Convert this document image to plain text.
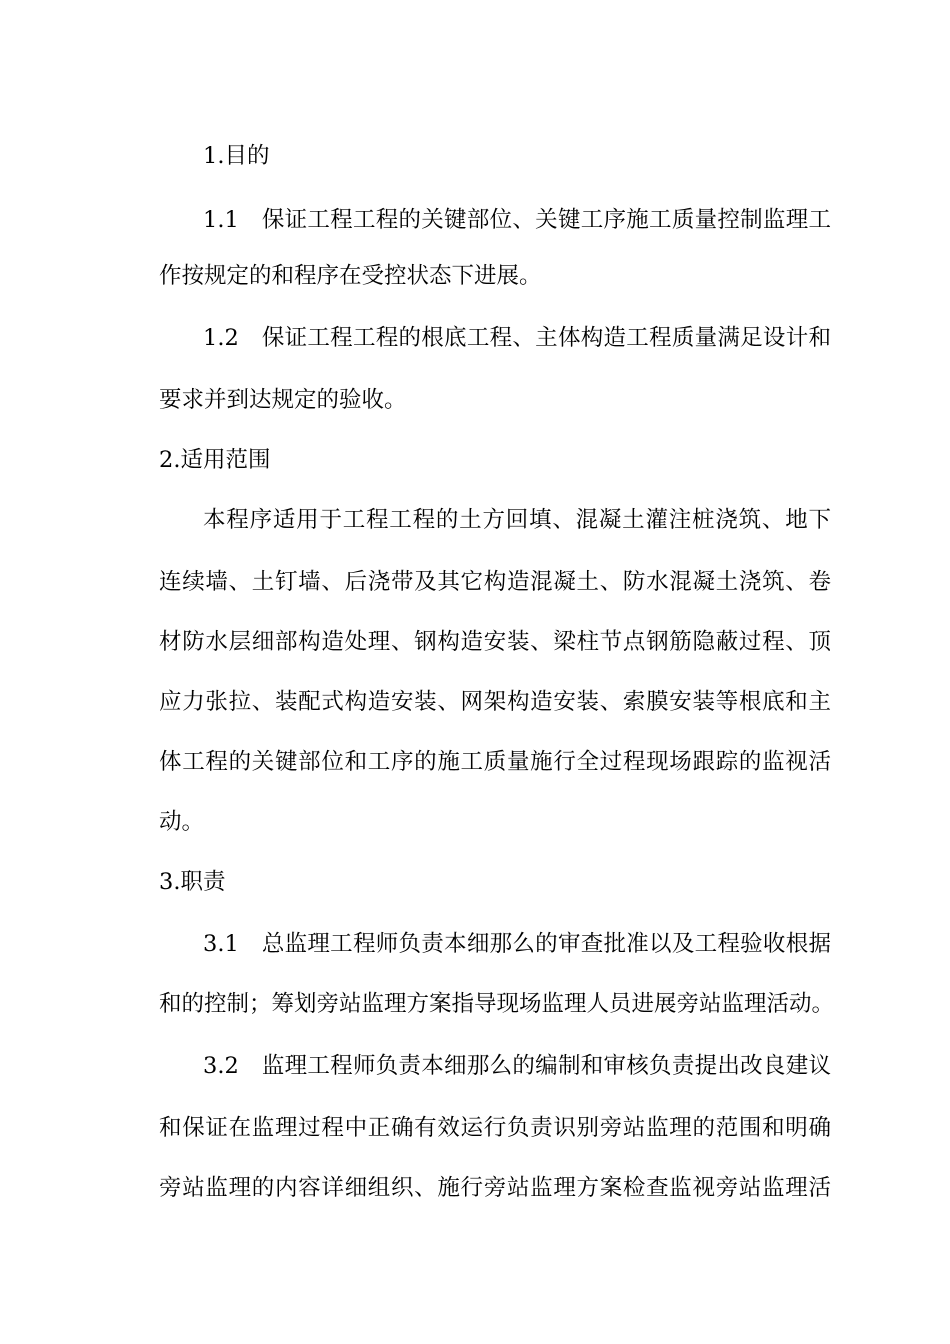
1.目的
1.1　保证工程工程的关键部位、关键工序施工质量控制监理工
作按规定的和程序在受控状态下进展。
1.2　保证工程工程的根底工程、主体构造工程质量满足设计和
要求并到达规定的验收。
2.适用范围
本程序适用于工程工程的土方回填、混凝土灌注桩浇筑、地下
连续墙、土钉墙、后浇带及其它构造混凝土、防水混凝土浇筑、卷
材防水层细部构造处理、钢构造安装、梁柱节点钢筋隐蔽过程、顶
应力张拉、装配式构造安装、网架构造安装、索膜安装等根底和主
体工程的关键部位和工序的施工质量施行全过程现场跟踪的监视活
动。
3.职责
3.1　总监理工程师负责本细那么的审查批准以及工程验收根据
和的控制；筹划旁站监理方案指导现场监理人员进展旁站监理活动。
3.2　监理工程师负责本细那么的编制和审核负责提出改良建议
和保证在监理过程中正确有效运行负责识别旁站监理的范围和明确
旁站监理的内容详细组织、施行旁站监理方案检查监视旁站监理活
